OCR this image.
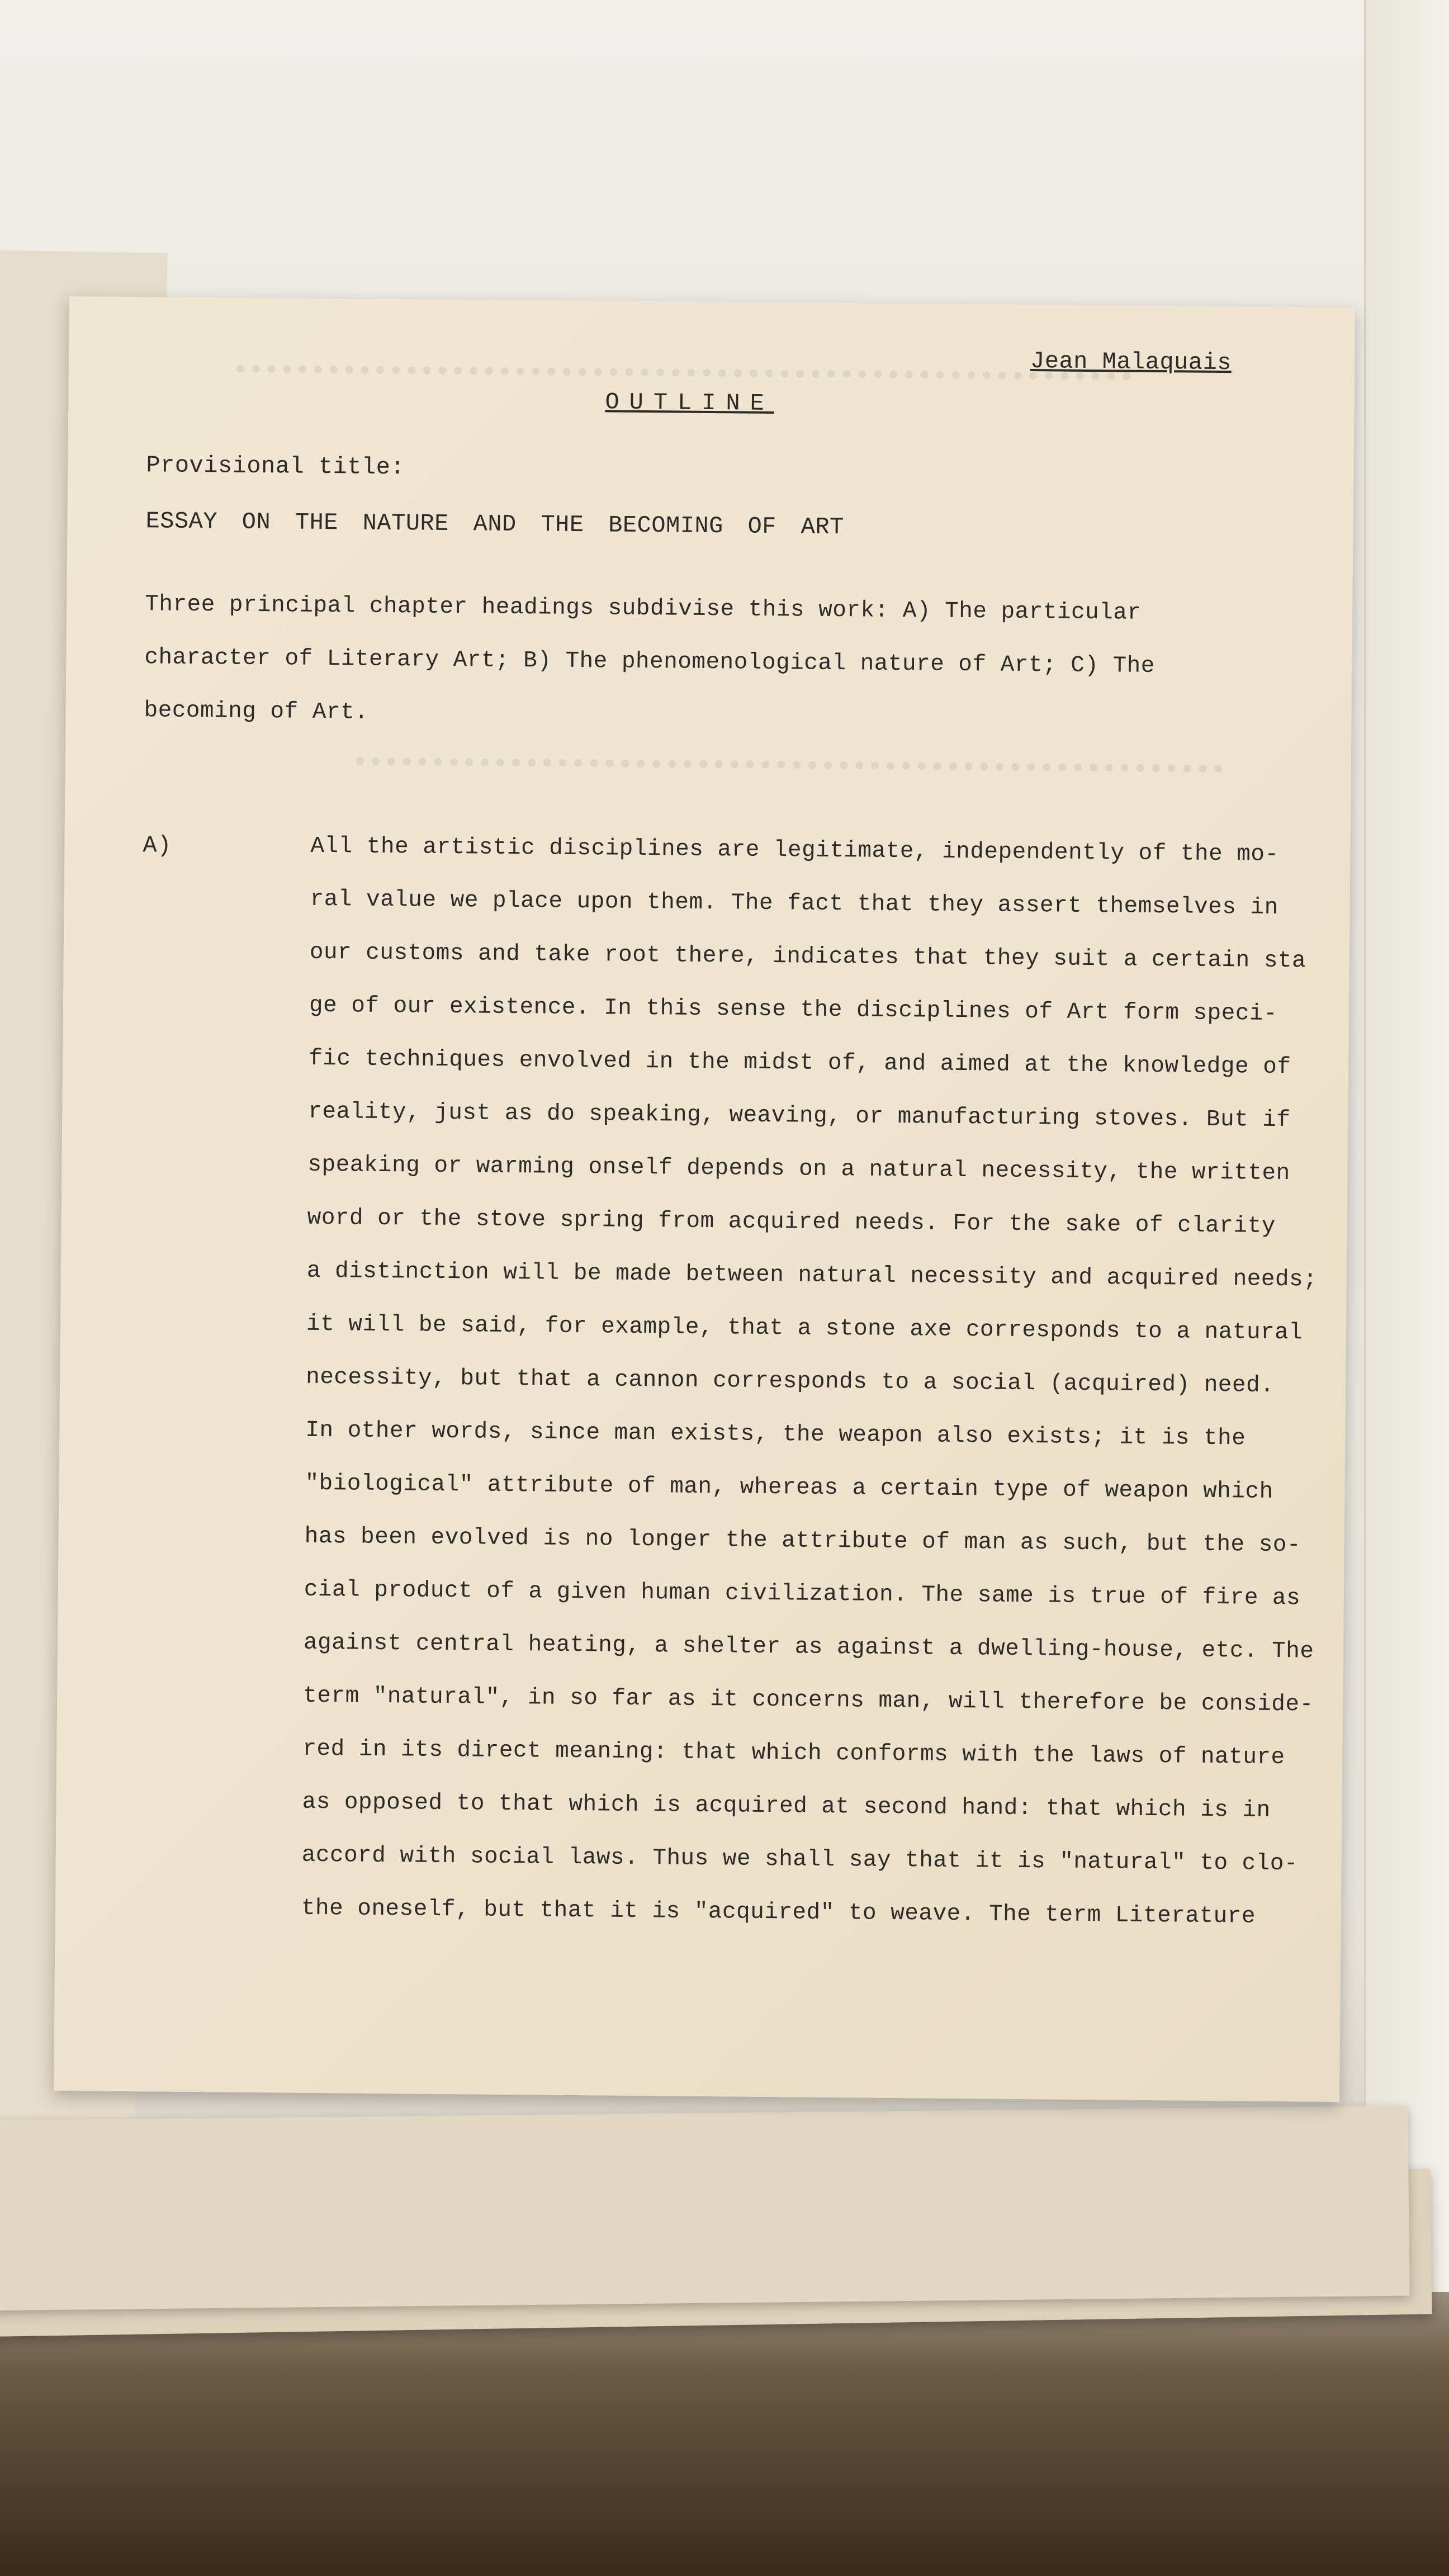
Jean Malaquais
OUTLINE
Provisional title:
ESSAY ON THE NATURE AND THE BECOMING OF ART
Three principal chapter headings subdivise this work: A) The particular
character of Literary Art; B) The phenomenological nature of Art; C) The
becoming of Art.
A)	All the artistic disciplines are legitimate, independently of the mo-
ral value we place upon them. The fact that they assert themselves in
our customs and take root there, indicates that they suit a certain sta
ge of our existence. In this sense the disciplines of Art form speci-
fic techniques envolved in the midst of, and aimed at the knowledge of
reality, just as do speaking, weaving, or manufacturing stoves. But if
speaking or warming onself depends on a natural necessity, the written
word or the stove spring from acquired needs. For the sake of clarity
a distinction will be made between natural necessity and acquired needs;
it will be said, for example, that a stone axe corresponds to a natural
necessity, but that a cannon corresponds to a social (acquired) need.
In other words, since man exists, the weapon also exists; it is the
"biological" attribute of man, whereas a certain type of weapon which
has been evolved is no longer the attribute of man as such, but the so-
cial product of a given human civilization. The same is true of fire as
against central heating, a shelter as against a dwelling-house, etc. The
term "natural", in so far as it concerns man, will therefore be conside-
red in its direct meaning: that which conforms with the laws of nature
as opposed to that which is acquired at second hand: that which is in
accord with social laws. Thus we shall say that it is "natural" to clo-
the oneself, but that it is "acquired" to weave. The term Literature
